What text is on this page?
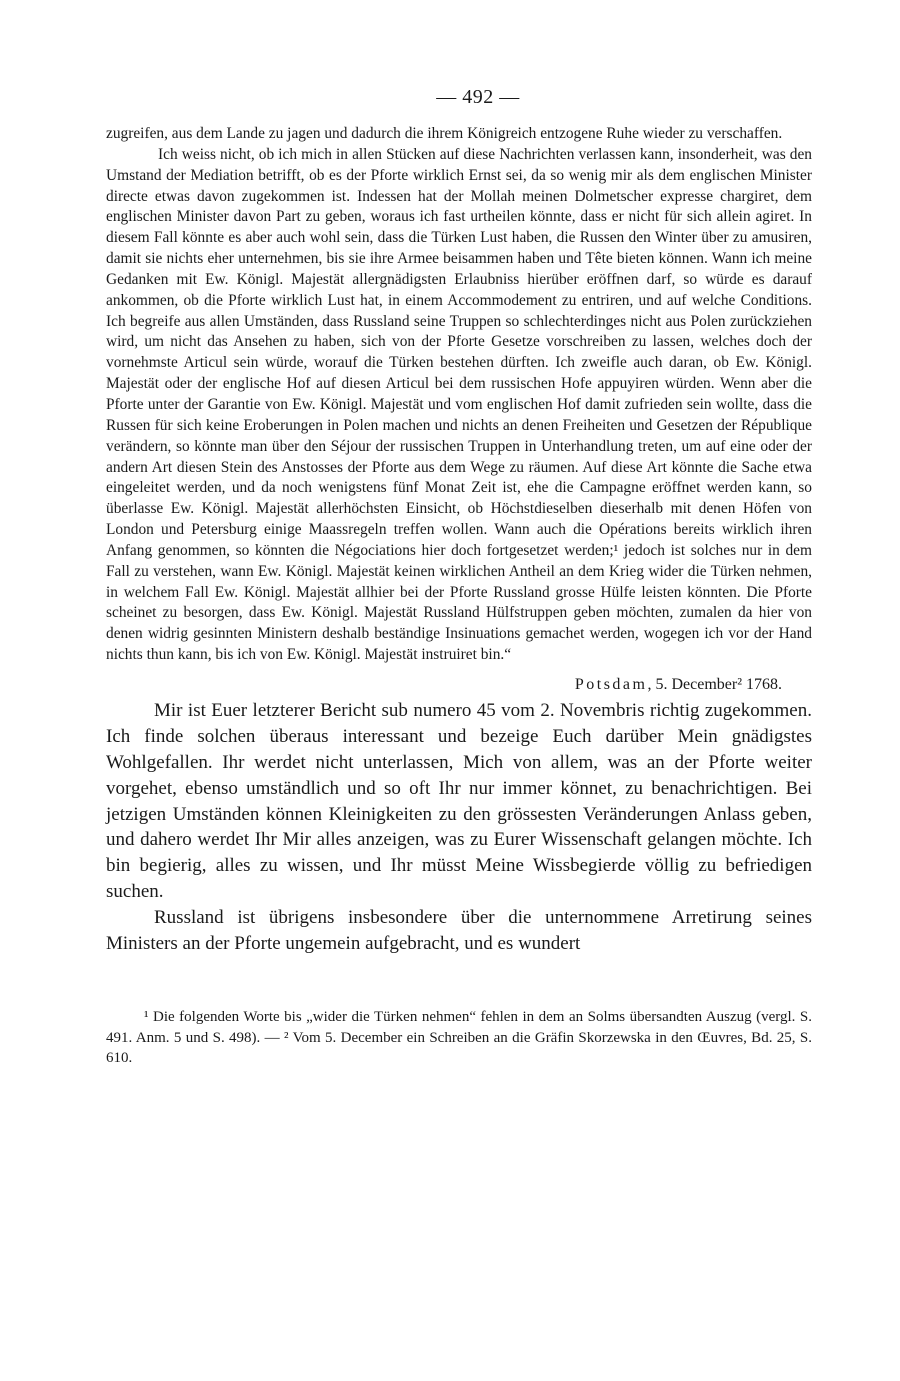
— 492 —

zugreifen, aus dem Lande zu jagen und dadurch die ihrem Königreich entzogene Ruhe wieder zu verschaffen.

Ich weiss nicht, ob ich mich in allen Stücken auf diese Nachrichten verlassen kann, insonderheit, was den Umstand der Mediation betrifft, ob es der Pforte wirklich Ernst sei, da so wenig mir als dem englischen Minister directe etwas davon zugekommen ist. Indessen hat der Mollah meinen Dolmetscher expresse chargiret, dem englischen Minister davon Part zu geben, woraus ich fast urtheilen könnte, dass er nicht für sich allein agiret. In diesem Fall könnte es aber auch wohl sein, dass die Türken Lust haben, die Russen den Winter über zu amusiren, damit sie nichts eher unternehmen, bis sie ihre Armee beisammen haben und Tête bieten können. Wann ich meine Gedanken mit Ew. Königl. Majestät allergnädigsten Erlaubniss hierüber eröffnen darf, so würde es darauf ankommen, ob die Pforte wirklich Lust hat, in einem Accommodement zu entriren, und auf welche Conditions. Ich begreife aus allen Umständen, dass Russland seine Truppen so schlechterdinges nicht aus Polen zurückziehen wird, um nicht das Ansehen zu haben, sich von der Pforte Gesetze vorschreiben zu lassen, welches doch der vornehmste Articul sein würde, worauf die Türken bestehen dürften. Ich zweifle auch daran, ob Ew. Königl. Majestät oder der englische Hof auf diesen Articul bei dem russischen Hofe appuyiren würden. Wenn aber die Pforte unter der Garantie von Ew. Königl. Majestät und vom englischen Hof damit zufrieden sein wollte, dass die Russen für sich keine Eroberungen in Polen machen und nichts an denen Freiheiten und Gesetzen der République verändern, so könnte man über den Séjour der russischen Truppen in Unterhandlung treten, um auf eine oder der andern Art diesen Stein des Anstosses der Pforte aus dem Wege zu räumen. Auf diese Art könnte die Sache etwa eingeleitet werden, und da noch wenigstens fünf Monat Zeit ist, ehe die Campagne eröffnet werden kann, so überlasse Ew. Königl. Majestät allerhöchsten Einsicht, ob Höchstdieselben dieserhalb mit denen Höfen von London und Petersburg einige Maassregeln treffen wollen. Wann auch die Opérations bereits wirklich ihren Anfang genommen, so könnten die Négociations hier doch fortgesetzet werden;¹ jedoch ist solches nur in dem Fall zu verstehen, wann Ew. Königl. Majestät keinen wirklichen Antheil an dem Krieg wider die Türken nehmen, in welchem Fall Ew. Königl. Majestät allhier bei der Pforte Russland grosse Hülfe leisten könnten. Die Pforte scheinet zu besorgen, dass Ew. Königl. Majestät Russland Hülfstruppen geben möchten, zumalen da hier von denen widrig gesinnten Ministern deshalb beständige Insinuations gemachet werden, wogegen ich vor der Hand nichts thun kann, bis ich von Ew. Königl. Majestät instruiret bin.“

Potsdam, 5. December² 1768.

Mir ist Euer letzterer Bericht sub numero 45 vom 2. Novembris richtig zugekommen. Ich finde solchen überaus interessant und bezeige Euch darüber Mein gnädigstes Wohlgefallen. Ihr werdet nicht unterlassen, Mich von allem, was an der Pforte weiter vorgehet, ebenso umständlich und so oft Ihr nur immer könnet, zu benachrichtigen. Bei jetzigen Umständen können Kleinigkeiten zu den grössesten Veränderungen Anlass geben, und dahero werdet Ihr Mir alles anzeigen, was zu Eurer Wissenschaft gelangen möchte. Ich bin begierig, alles zu wissen, und Ihr müsst Meine Wissbegierde völlig zu befriedigen suchen.

Russland ist übrigens insbesondere über die unternommene Arretirung seines Ministers an der Pforte ungemein aufgebracht, und es wundert

¹ Die folgenden Worte bis „wider die Türken nehmen“ fehlen in dem an Solms übersandten Auszug (vergl. S. 491. Anm. 5 und S. 498). — ² Vom 5. December ein Schreiben an die Gräfin Skorzewska in den Œuvres, Bd. 25, S. 610.
